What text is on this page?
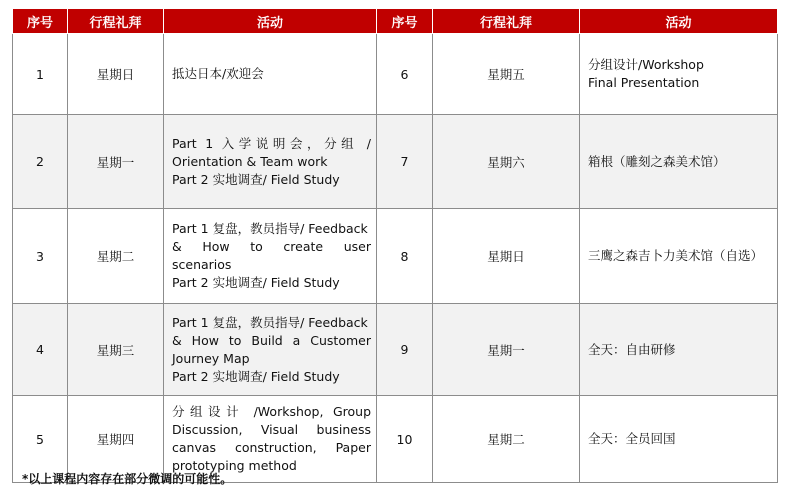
序号	行程礼拜	活动	序号	行程礼拜	活动
1	星期日	抵达日本/欢迎会	6	星期五	分组设计/Workshop
Final Presentation

2	星期一	Part 1 入学说明会，分组 /
Orientation & Team work
Part 2 实地调查/ Field Study	7	星期六	箱根（雕刻之森美术馆）

3	星期二	Part 1 复盘，教员指导/ Feedback
& How to create user
scenarios
Part 2 实地调查/ Field Study	8	星期日	三鹰之森吉卜力美术馆（自选）

4	星期三	Part 1 复盘，教员指导/ Feedback
& How to Build a Customer
Journey Map
Part 2 实地调查/ Field Study	9	星期一	全天：自由研修

5	星期四	分组设计 /Workshop, Group
Discussion, Visual business
canvas construction, Paper
prototyping method	10	星期二	全天：全员回国
*以上课程内容存在部分微调的可能性。
